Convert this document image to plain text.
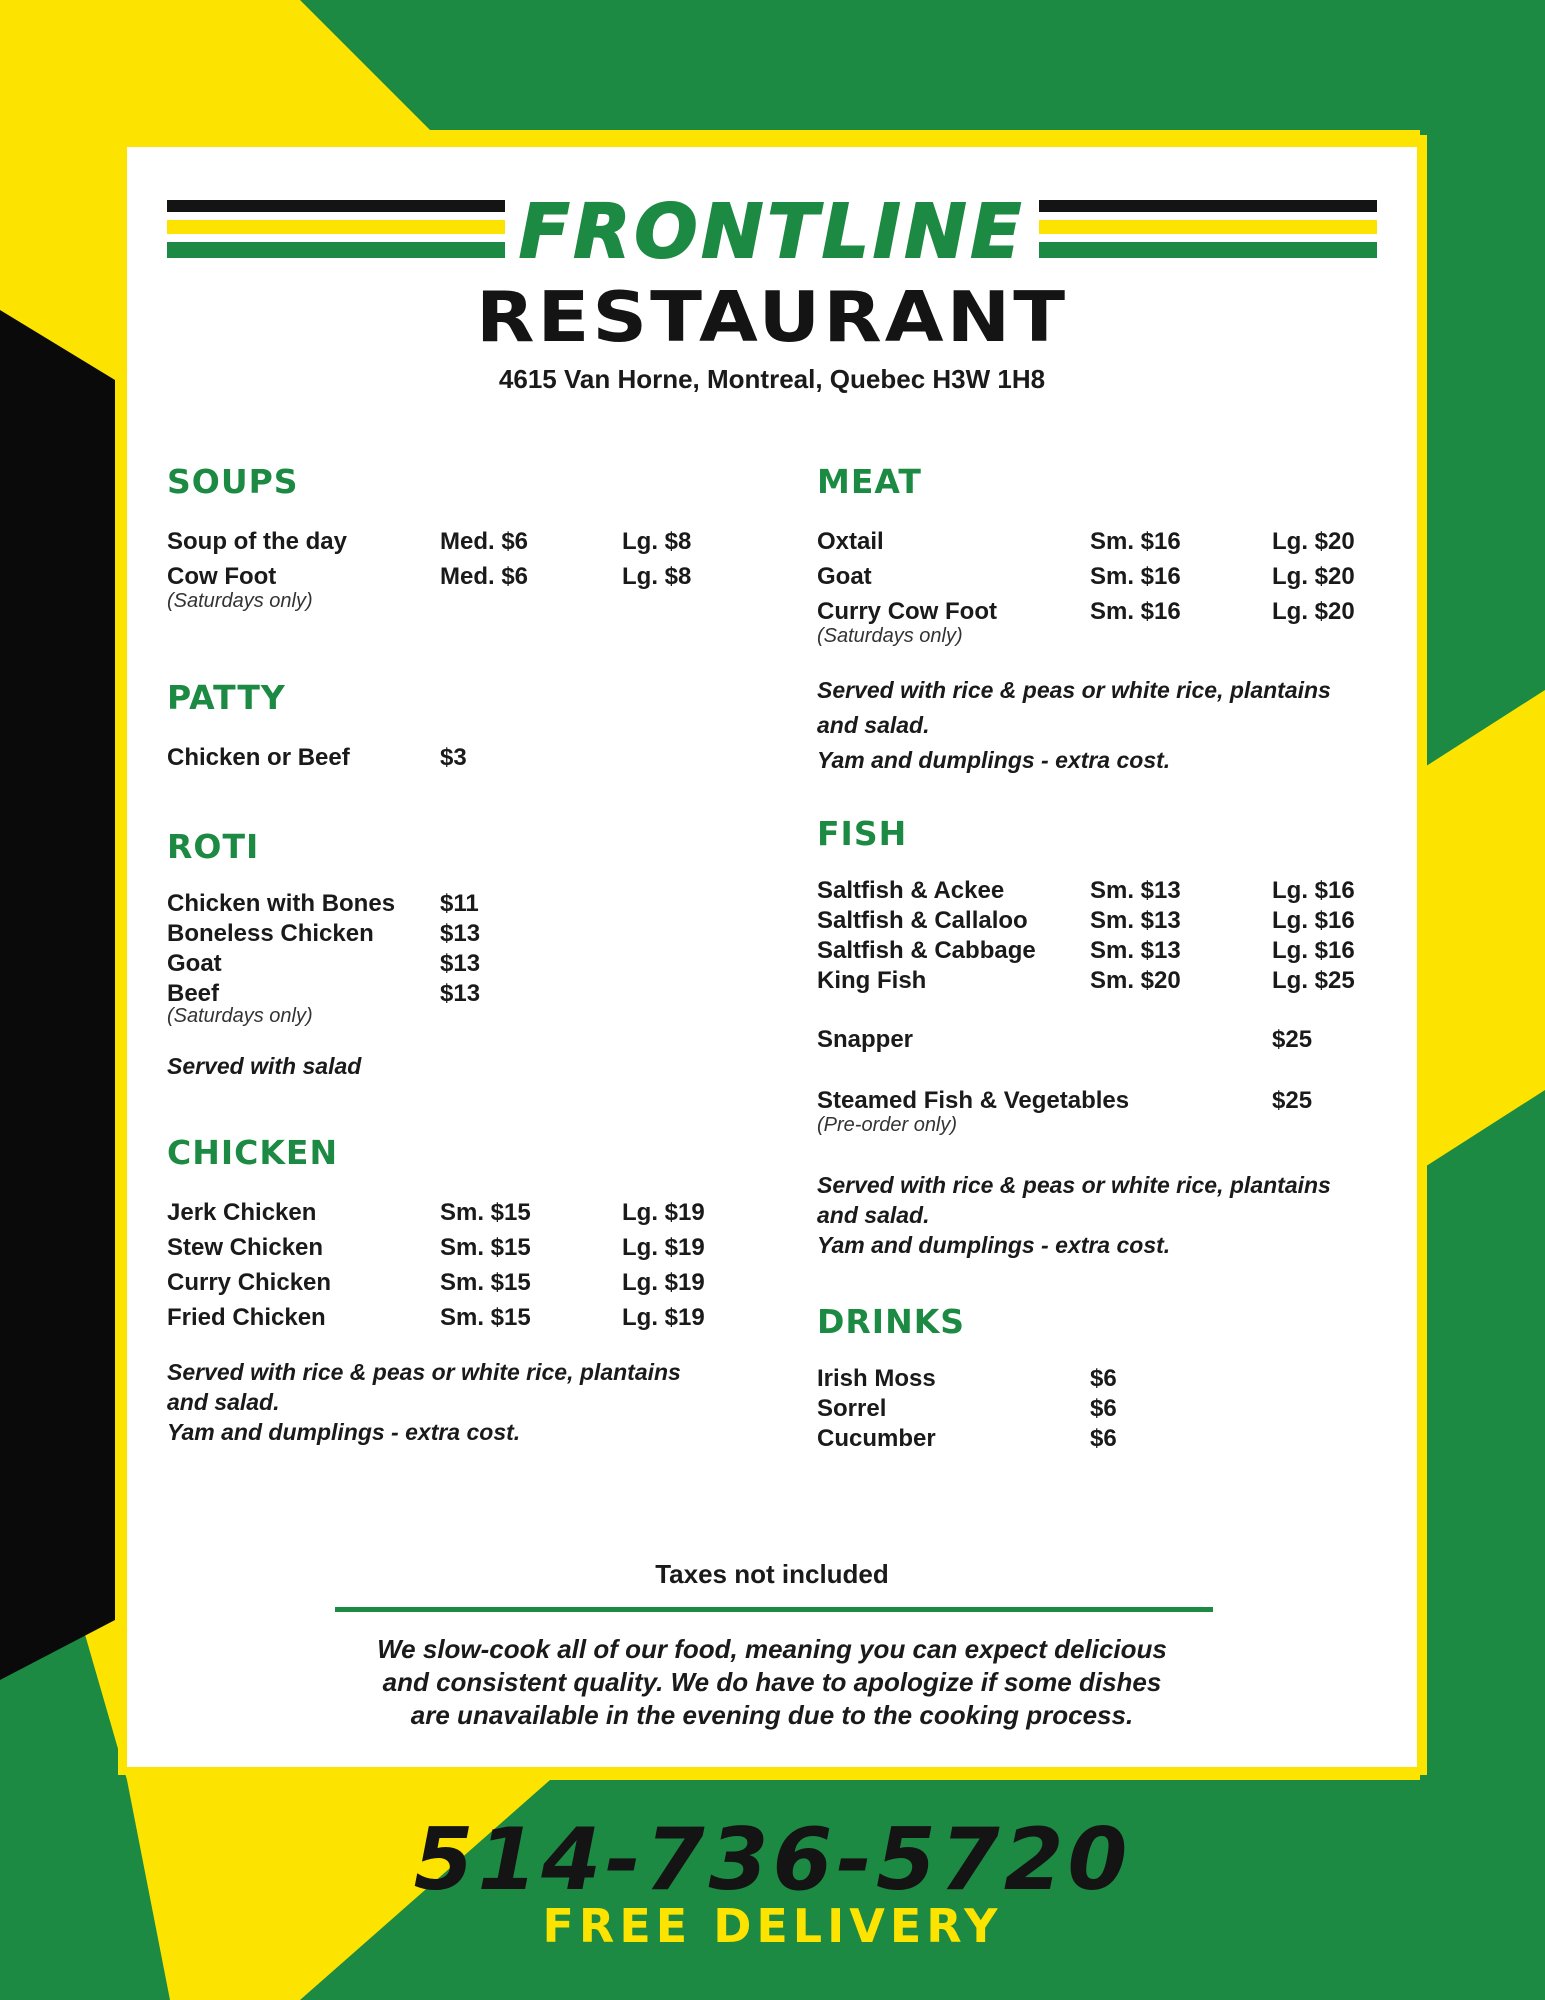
FRONTLINE
RESTAURANT
4615 Van Horne, Montreal, Quebec H3W 1H8
SOUPS
Soup of the day	Med. $6	Lg. $8
Cow Foot	Med. $6	Lg. $8
(Saturdays only)
PATTY
Chicken or Beef	$3
ROTI
Chicken with Bones $11
Boneless Chicken	$13
Goat	$13
Beef	$13
(Saturdays only)
Served with salad
CHICKEN
Jerk Chicken	Sm. $15	Lg. $19
Stew Chicken	Sm. $15	Lg. $19
Curry Chicken	Sm. $15	Lg. $19
Fried Chicken	Sm. $15	Lg. $19
Served with rice & peas or white rice, plantains
and salad.
Yam and dumplings - extra cost.
MEAT
Oxtail	Sm. $16	Lg. $20
Goat	Sm. $16	Lg. $20
Curry Cow Foot	Sm. $16	Lg. $20
(Saturdays only)
Served with rice & peas or white rice, plantains
and salad.
Yam and dumplings - extra cost.
FISH
Saltfish & Ackee	Sm. $13	Lg. $16
Saltfish & Callaloo	Sm. $13	Lg. $16
Saltfish & Cabbage Sm. $13	Lg. $16
King Fish	Sm. $20	Lg. $25
Snapper	$25
Steamed Fish & Vegetables	$25
(Pre-order only)
Served with rice & peas or white rice, plantains
and salad.
Yam and dumplings - extra cost.
DRINKS
Irish Moss	$6
Sorrel	$6
Cucumber	$6
Taxes not included
We slow-cook all of our food, meaning you can expect delicious
and consistent quality. We do have to apologize if some dishes
are unavailable in the evening due to the cooking process.
514-736-5720
FREE DELIVERY
